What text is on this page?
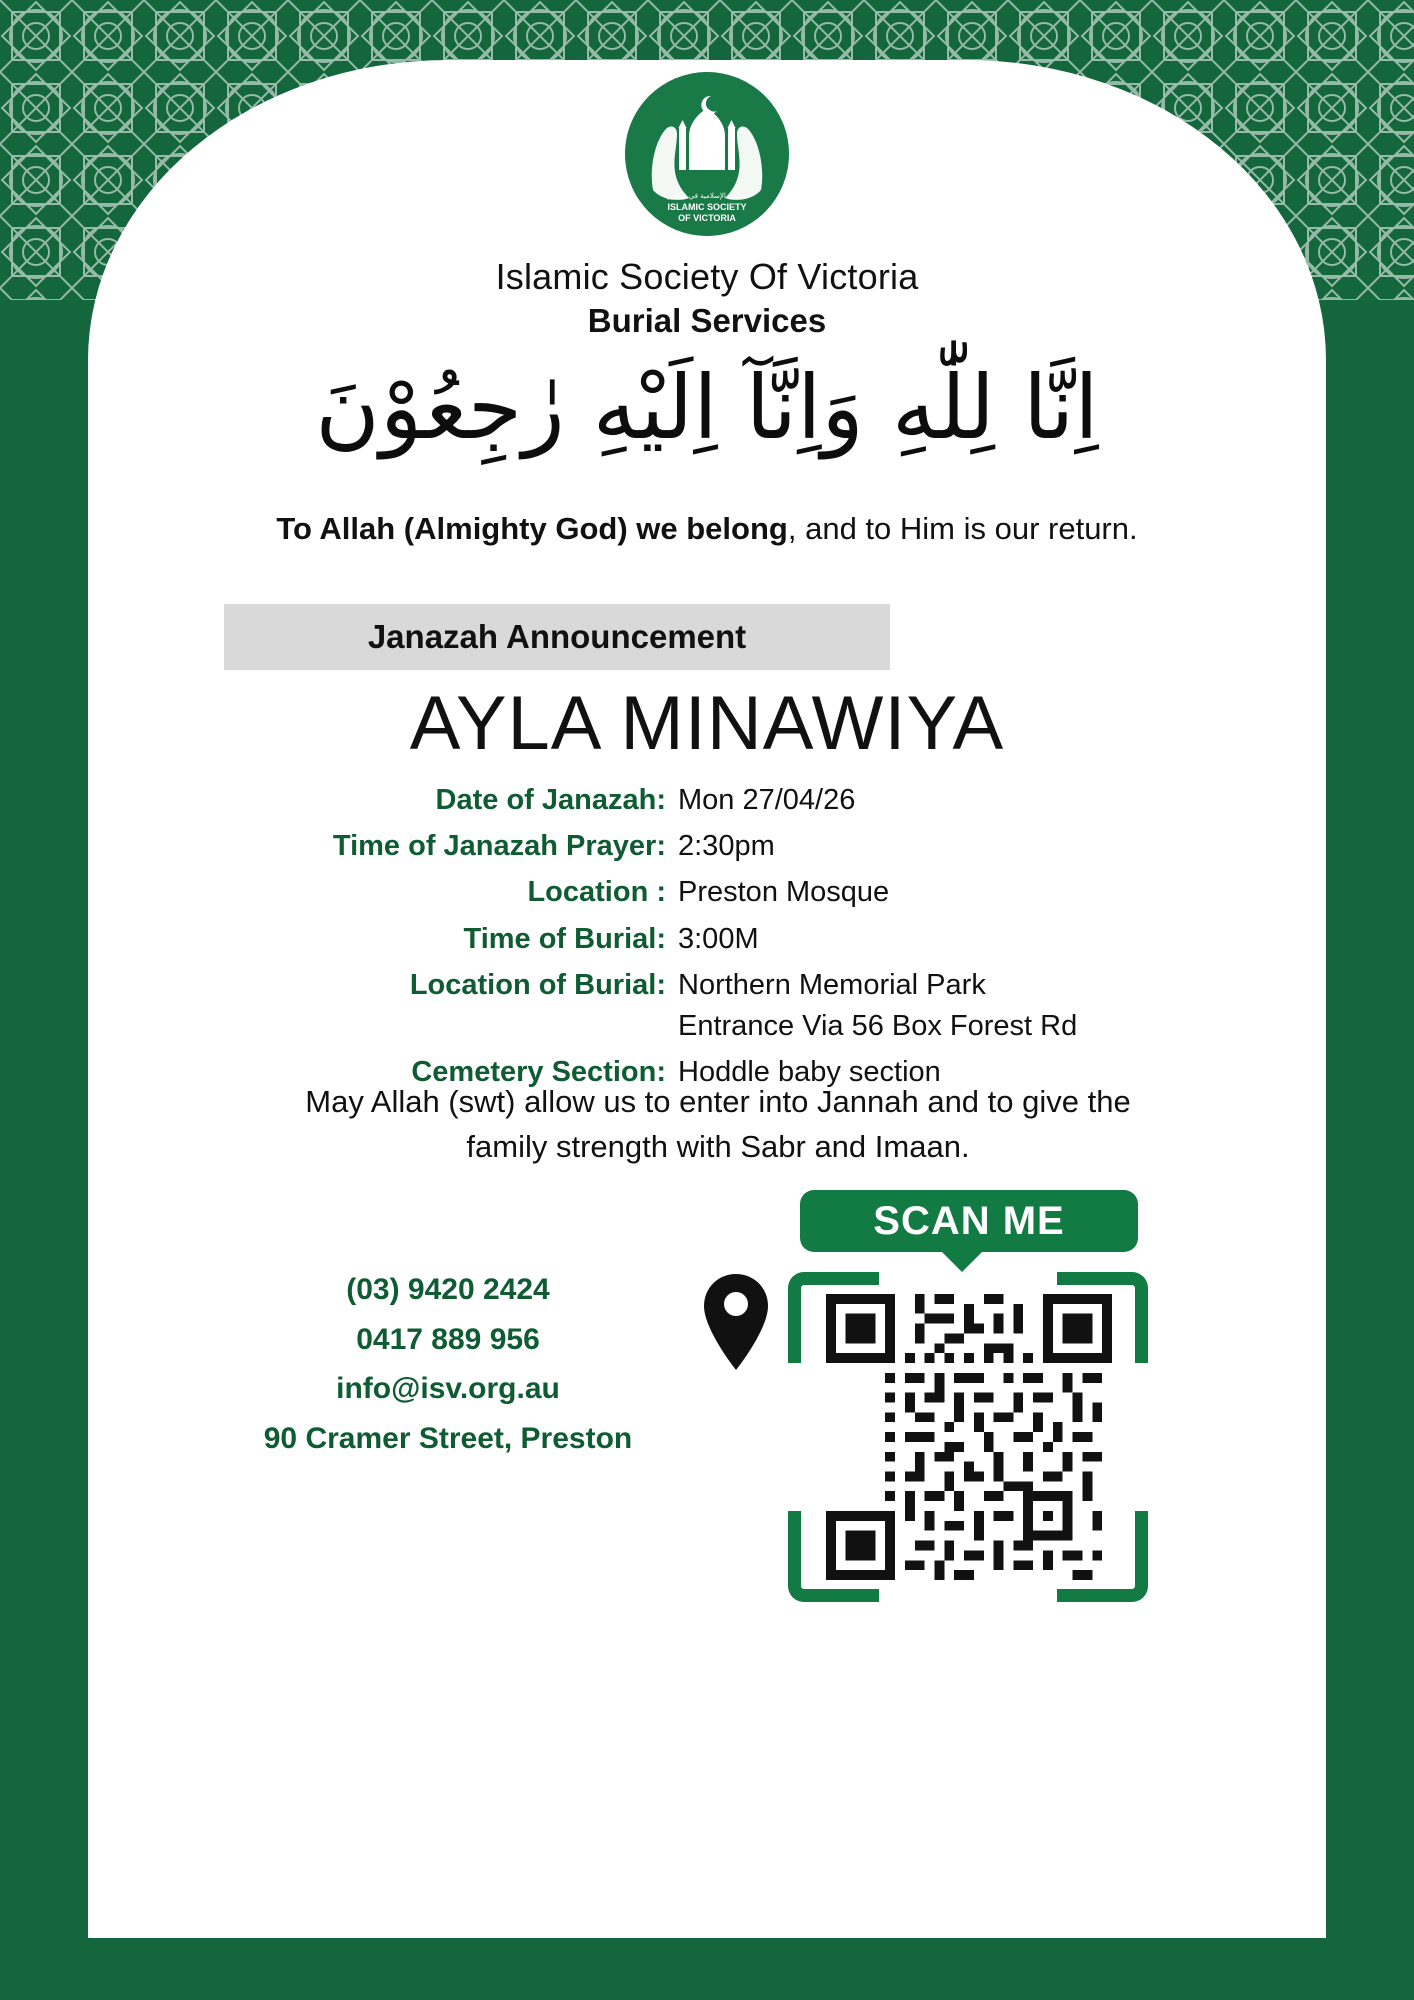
الجمعية الإسلامية في فيكتوريا
ISLAMIC SOCIETY
OF VICTORIA
Islamic Society Of Victoria
Burial Services
اِنَّا لِلّٰهِ وَاِنَّآ اِلَيْهِ رٰجِعُوْنَ
To Allah (Almighty God) we belong, and to Him is our return.
Janazah Announcement
AYLA MINAWIYA
Date of Janazah: Mon 27/04/26
Time of Janazah Prayer: 2:30pm
Location : Preston Mosque
Time of Burial: 3:00M
Location of Burial: Northern Memorial Park
Entrance Via 56 Box Forest Rd
Cemetery Section: Hoddle baby section
May Allah (swt) allow us to enter into Jannah and to give the family strength with Sabr and Imaan.
(03) 9420 2424
0417 889 956
info@isv.org.au
90 Cramer Street, Preston
SCAN ME
